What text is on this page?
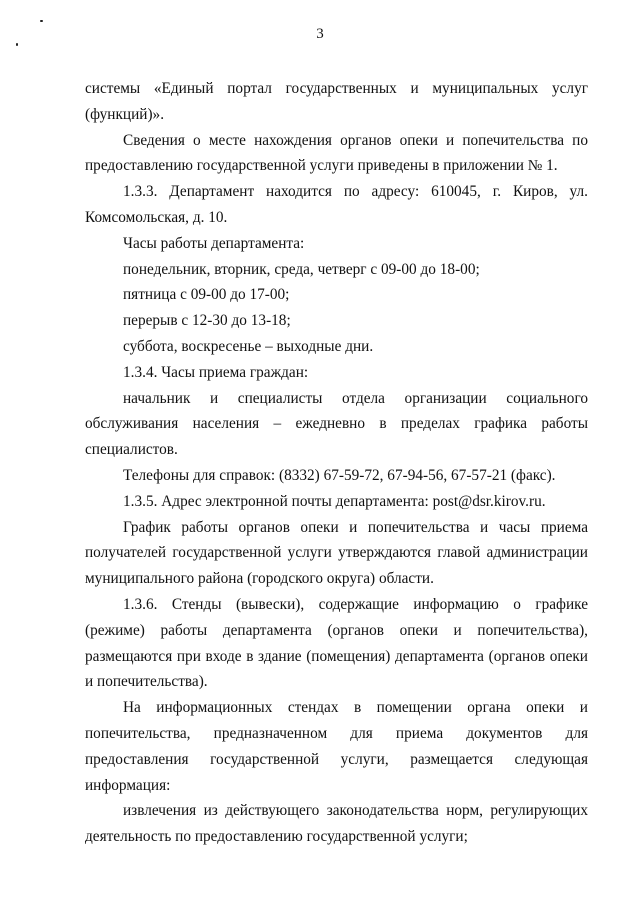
3

системы «Единый портал государственных и муниципальных услуг (функций)».

Сведения о месте нахождения органов опеки и попечительства по предоставлению государственной услуги приведены в приложении № 1.

1.3.3. Департамент находится по адресу: 610045, г. Киров, ул. Комсомольская, д. 10.

Часы работы департамента:

понедельник, вторник, среда, четверг с 09-00 до 18-00;

пятница с 09-00 до 17-00;

перерыв с 12-30 до 13-18;

суббота, воскресенье – выходные дни.

1.3.4. Часы приема граждан:

начальник и специалисты отдела организации социального обслуживания населения – ежедневно в пределах графика работы специалистов.

Телефоны для справок: (8332) 67-59-72, 67-94-56, 67-57-21 (факс).

1.3.5. Адрес электронной почты департамента: post@dsr.kirov.ru.

График работы органов опеки и попечительства и часы приема получателей государственной услуги утверждаются главой администрации муниципального района (городского округа) области.

1.3.6. Стенды (вывески), содержащие информацию о графике (режиме) работы департамента (органов опеки и попечительства), размещаются при входе в здание (помещения) департамента (органов опеки и попечительства).

На информационных стендах в помещении органа опеки и попечительства, предназначенном для приема документов для предоставления государственной услуги, размещается следующая информация:

извлечения из действующего законодательства норм, регулирующих деятельность по предоставлению государственной услуги;
